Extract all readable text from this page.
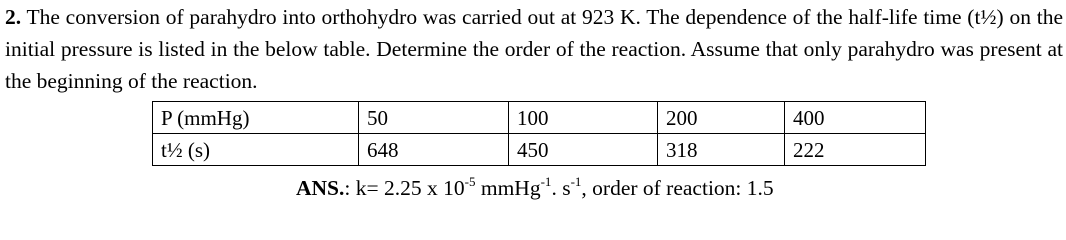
2. The conversion of parahydro into orthohydro was carried out at 923 K. The dependence of the half-life time (t½) on the initial pressure is listed in the below table. Determine the order of the reaction. Assume that only parahydro was present at the beginning of the reaction.
P (mmHg)	50	100	200	400
t½ (s)	648	450	318	222
ANS.: k= 2.25 x $10^{-5}$ mmHg$^{-1}$. $s^{-1}$, order of reaction: 1.5
